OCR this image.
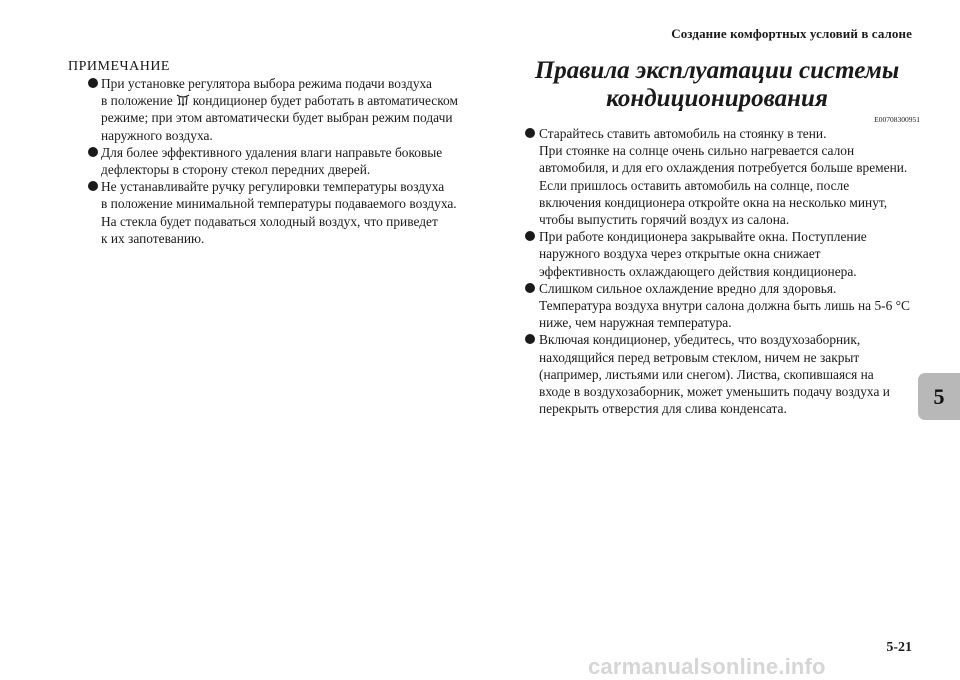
Создание комфортных условий в салоне
5
ПРИМЕЧАНИЕ
При установке регулятора выбора режима подачи воздуха
в положение кондиционер будет работать в автоматическом
режиме; при этом автоматически будет выбран режим подачи
наружного воздуха.
Для более эффективного удаления влаги направьте боковые
дефлекторы в сторону стекол передних дверей.
Не устанавливайте ручку регулировки температуры воздуха
в положение минимальной температуры подаваемого воздуха.
На стекла будет подаваться холодный воздух, что приведет
к их запотеванию.
Правила эксплуатации системы
кондиционирования
E00708300951
Старайтесь ставить автомобиль на стоянку в тени.
При стоянке на солнце очень сильно нагревается салон
автомобиля, и для его охлаждения потребуется больше времени.
Если пришлось оставить автомобиль на солнце, после
включения кондиционера откройте окна на несколько минут,
чтобы выпустить горячий воздух из салона.
При работе кондиционера закрывайте окна. Поступление
наружного воздуха через открытые окна снижает
эффективность охлаждающего действия кондиционера.
Слишком сильное охлаждение вредно для здоровья.
Температура воздуха внутри салона должна быть лишь на 5-6 °С
ниже, чем наружная температура.
Включая кондиционер, убедитесь, что воздухозаборник,
находящийся перед ветровым стеклом, ничем не закрыт
(например, листьями или снегом). Листва, скопившаяся на
входе в воздухозаборник, может уменьшить подачу воздуха и
перекрыть отверстия для слива конденсата.
5-21
carmanualsonline.info
